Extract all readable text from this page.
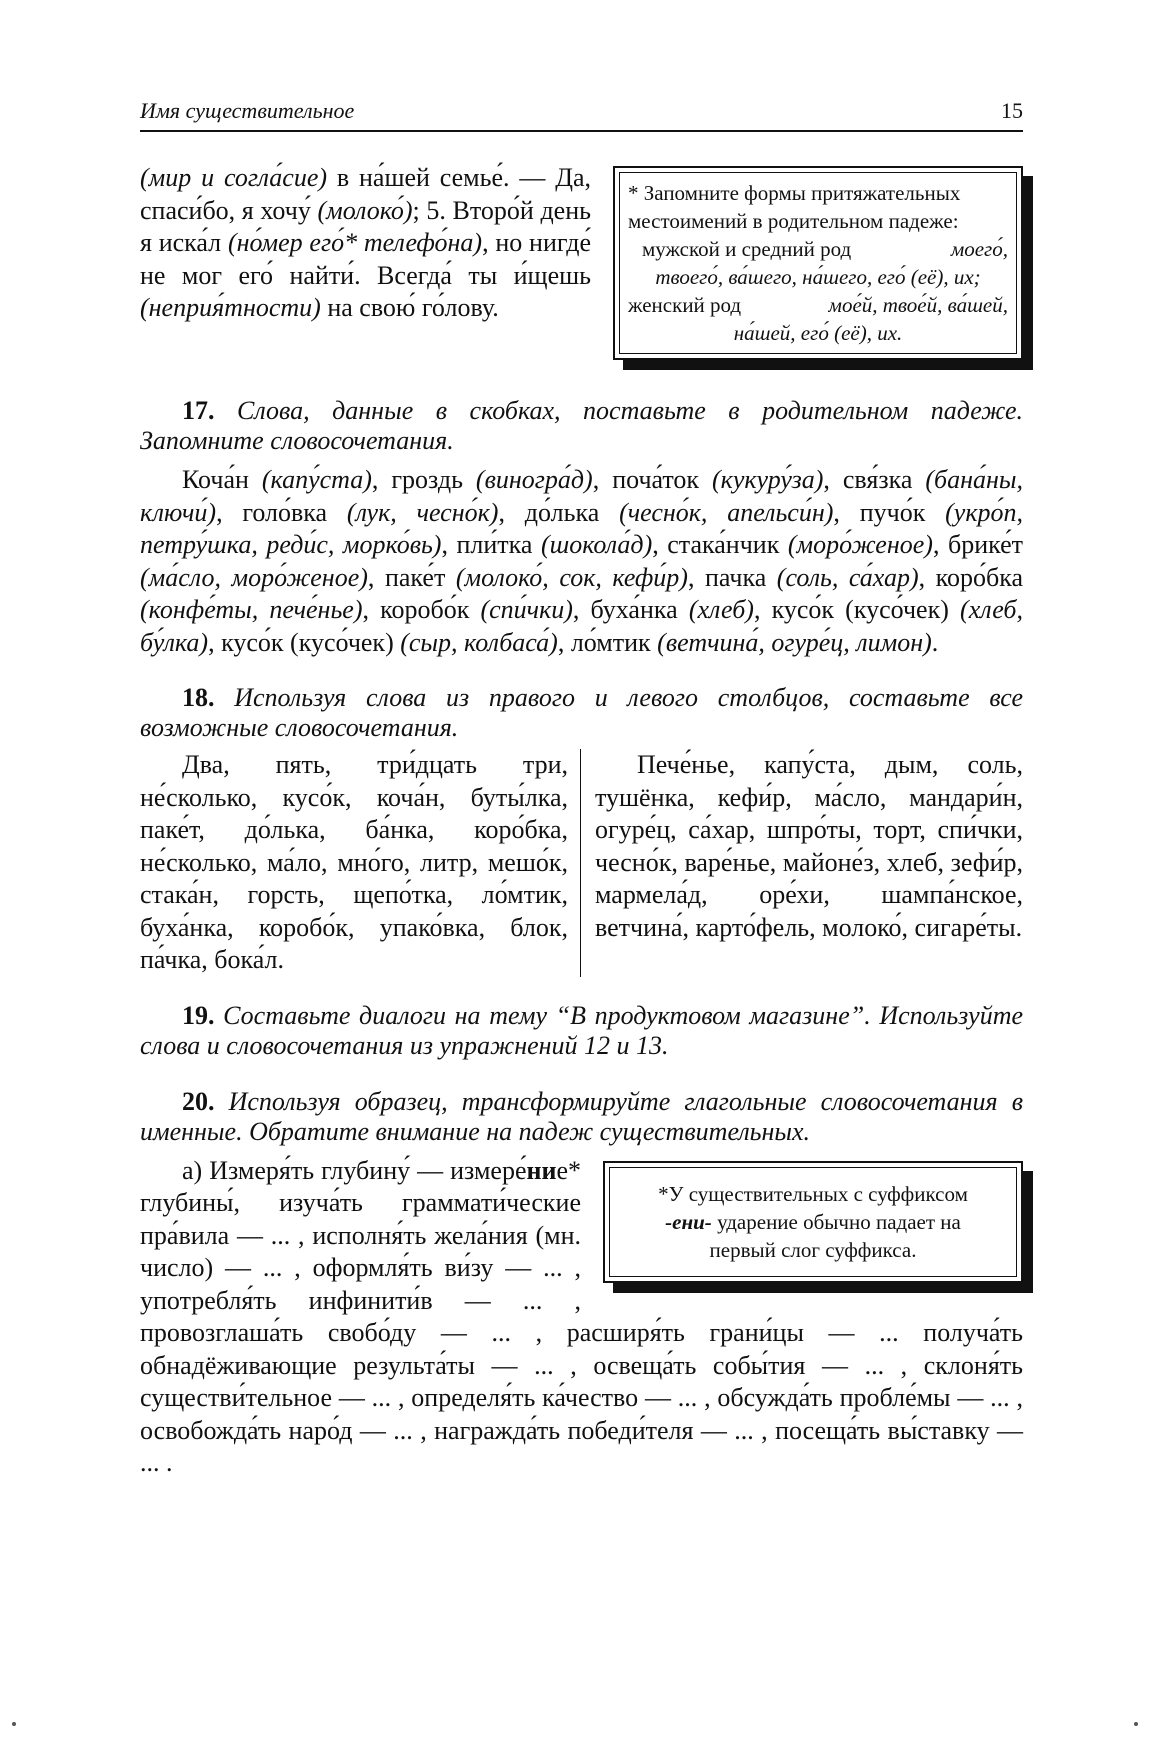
Имя существительное	15
* Запомните формы притяжательных
местоимений в родительном падеже:
мужской и средний род	моего́,
твоего́, ва́шего, на́шего, его́ (её), их;
женский род	мое́й, твое́й, ва́шей,
на́шей, его́ (её), их.

(мир и согла́сие) в на́шей семье́. — Да, спаси́бо, я хочу́ (молоко́); 5. Второ́й день я иска́л (но́мер его́* телефо́на), но нигде́ не мог его́ найти́. Всегда́ ты и́щешь (неприя́тности) на свою́ го́лову.

17. Слова, данные в скобках, поставьте в родительном падеже. Запомните словосочетания.

Коча́н (капу́ста), гроздь (виногра́д), поча́ток (кукуру́за), свя́зка (бана́ны, ключи́), голо́вка (лук, чесно́к), до́лька (чесно́к, апельси́н), пучо́к (укро́п, петру́шка, реди́с, морко́вь), пли́тка (шокола́д), стака́нчик (моро́женое), брике́т (ма́сло, моро́женое), паке́т (молоко́, сок, кефи́р), пачка (соль, са́хар), коро́бка (конфе́ты, пече́нье), коробо́к (спи́чки), буха́нка (хлеб), кусо́к (кусо́чек) (хлеб, бу́лка), кусо́к (кусо́чек) (сыр, колбаса́), ло́мтик (ветчина́, огуре́ц, лимон).

18. Используя слова из правого и левого столбцов, составьте все возможные словосочетания.

Два, пять, три́дцать три, не́сколько, кусо́к, коча́н, буты́лка, паке́т, до́лька, ба́нка, коро́бка, не́сколько, ма́ло, мно́го, литр, мешо́к, стака́н, горсть, щепо́тка, ло́мтик, буха́нка, коробо́к, упако́вка, блок, па́чка, бока́л.
Пече́нье, капу́ста, дым, соль, тушёнка, кефи́р, ма́сло, мандари́н, огуре́ц, са́хар, шпро́ты, торт, спи́чки, чесно́к, варе́нье, майоне́з, хлеб, зефи́р, мармела́д, оре́хи, шампа́нское, ветчина́, карто́фель, молоко́, сигаре́ты.

19. Составьте диалоги на тему “В продуктовом магазине”. Используйте слова и словосочетания из упражнений 12 и 13.

20. Используя образец, трансформируйте глагольные словосочетания в именные. Обратите внимание на падеж существительных.

*У существительных с суффиксом
-ени- ударение обычно падает на
первый слог суффикса.

а) Измеря́ть глубину́ — измере́ние* глубины́, изуча́ть граммати́ческие пра́вила — ... , исполня́ть жела́ния (мн. число) — ... , оформля́ть ви́зу — ... , употребля́ть инфинити́в — ... , провозглаша́ть свобо́ду — ... , расширя́ть грани́цы — ... получа́ть обнадёживающие результа́ты — ... , освеща́ть собы́тия — ... , склоня́ть существи́тельное — ... , определя́ть ка́чество — ... , обсужда́ть пробле́мы — ... , освобожда́ть наро́д — ... , награжда́ть победи́теля — ... , посеща́ть вы́ставку — ... .
